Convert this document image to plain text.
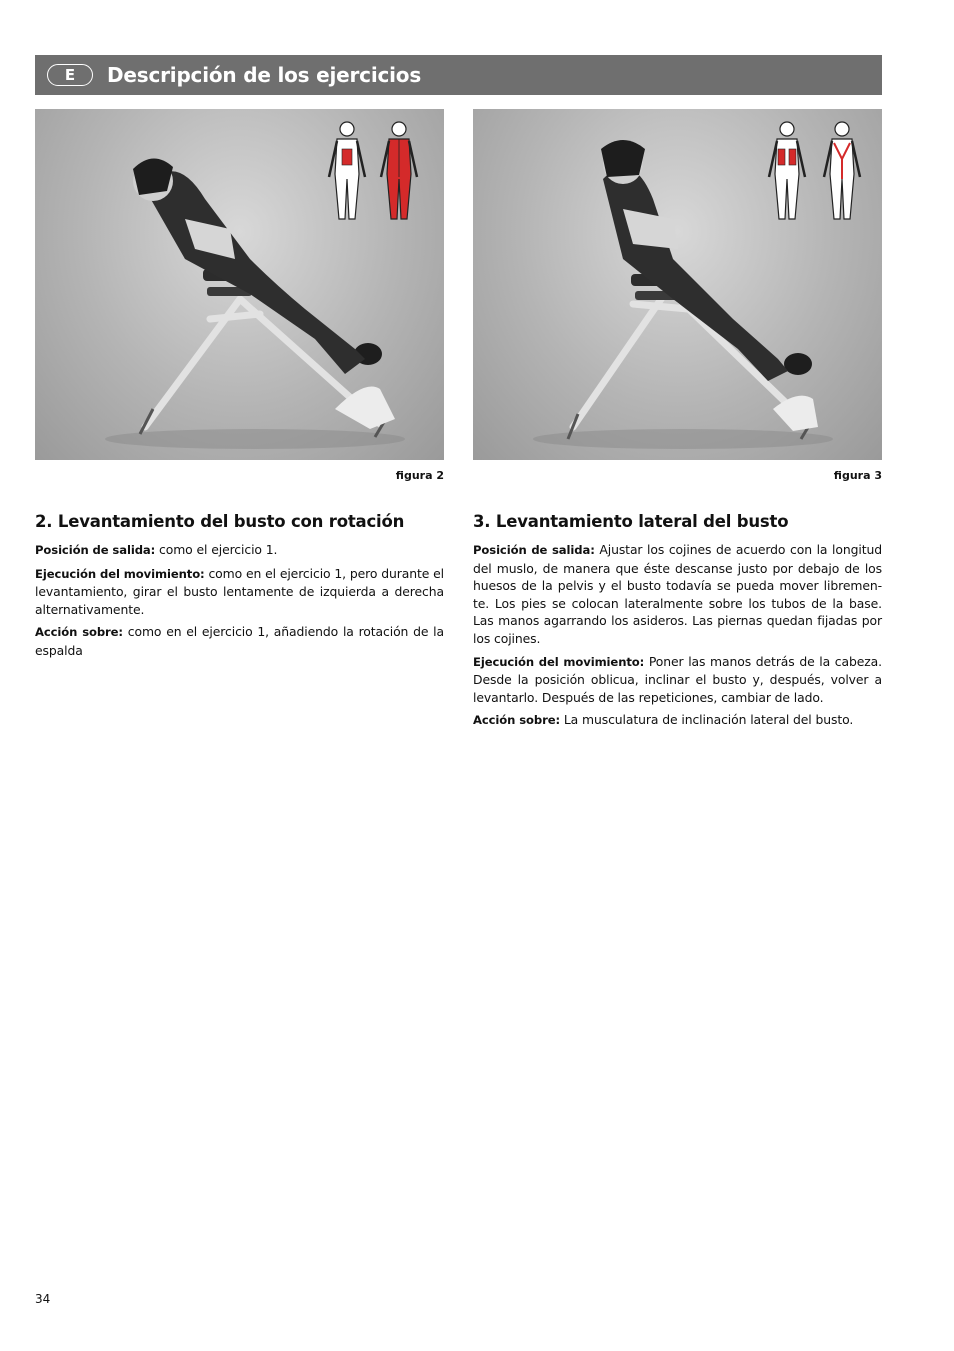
E	Descripción de los ejercicios
figura 2	figura 3
2. Levantamiento del busto con rotación

Posición de salida: como el ejercicio 1.

Ejecución del movimiento: como en el ejercicio 1, pero durante el levantamiento, girar el busto lentamente de izquierda a derecha alternativamente.

Acción sobre: como en el ejercicio 1, añadiendo la rotación de la espalda

3. Levantamiento lateral del busto

Posición de salida: Ajustar los cojines de acuerdo con la longitud del muslo, de manera que éste descanse justo por debajo de los huesos de la pelvis y el busto todavía se pueda mover libremen-te. Los pies se colocan lateralmente sobre los tubos de la base. Las manos agarrando los asideros. Las piernas quedan fijadas por los cojines.

Ejecución del movimiento: Poner las manos detrás de la cabeza. Desde la posición oblicua, inclinar el busto y, después, volver a levantarlo. Después de las repeticiones, cambiar de lado.

Acción sobre: La musculatura de inclinación lateral del busto.

34
